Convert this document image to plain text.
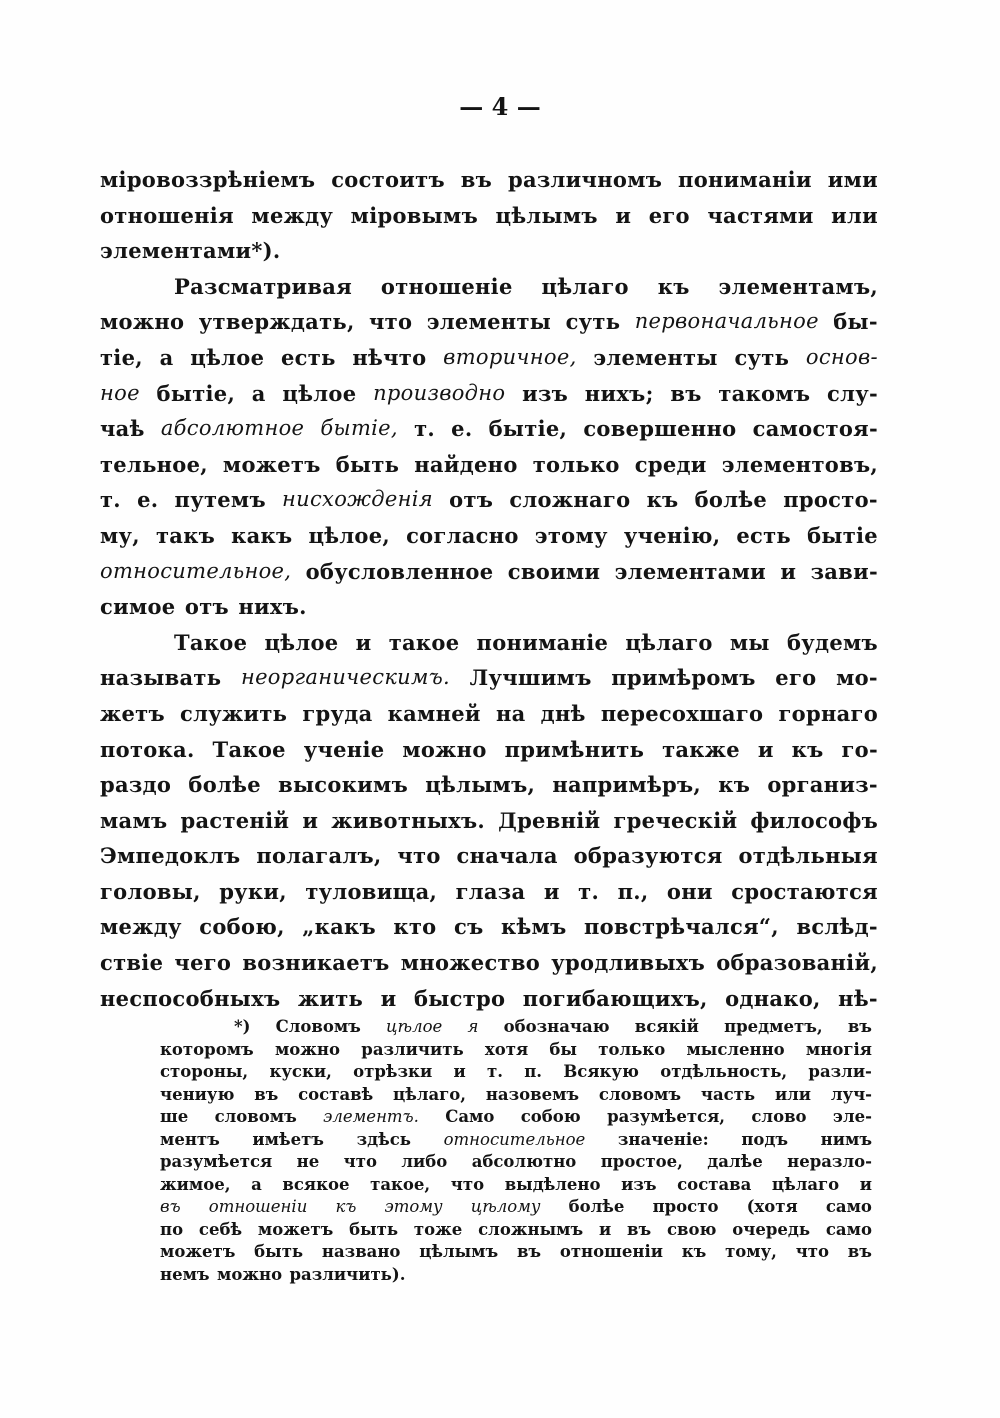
— 4 —
міровоззрѣніемъ состоитъ въ различномъ пониманіи ими
отношенія между міровымъ цѣлымъ и его частями или
элементами*).
Разсматривая отношеніе цѣлаго къ элементамъ,
можно утверждать, что элементы суть первоначальное бы-
тіе, а цѣлое есть нѣчто вторичное, элементы суть основ-
ное бытіе, а цѣлое производно изъ нихъ; въ такомъ слу-
чаѣ абсолютное бытіе, т. е. бытіе, совершенно самостоя-
тельное, можетъ быть найдено только среди элементовъ,
т. е. путемъ нисхожденія отъ сложнаго къ болѣе просто-
му, такъ какъ цѣлое, согласно этому ученію, есть бытіе
относительное, обусловленное своими элементами и зави-
симое отъ нихъ.
Такое цѣлое и такое пониманіе цѣлаго мы будемъ
называть неорганическимъ. Лучшимъ примѣромъ его мо-
жетъ служить груда камней на днѣ пересохшаго горнаго
потока. Такое ученіе можно примѣнить также и къ го-
раздо болѣе высокимъ цѣлымъ, напримѣръ, къ организ-
мамъ растеній и животныхъ. Древній греческій философъ
Эмпедоклъ полагалъ, что сначала образуются отдѣльныя
головы, руки, туловища, глаза и т. п., они сростаются
между собою, „какъ кто съ кѣмъ повстрѣчался“, вслѣд-
ствіе чего возникаетъ множество уродливыхъ образованій,
неспособныхъ жить и быстро погибающихъ, однако, нѣ-
*) Словомъ цѣлое я обозначаю всякій предметъ, въ
которомъ можно различить хотя бы только мысленно многія
стороны, куски, отрѣзки и т. п. Всякую отдѣльность, разли-
чениую въ составѣ цѣлаго, назовемъ словомъ часть или луч-
ше словомъ элементъ. Само собою разумѣется, слово эле-
ментъ имѣетъ здѣсь относительное значеніе: подъ нимъ
разумѣется не что либо абсолютно простое, далѣе неразло-
жимое, а всякое такое, что выдѣлено изъ состава цѣлаго и
въ отношеніи къ этому цѣлому болѣе просто (хотя само
по себѣ можетъ быть тоже сложнымъ и въ свою очередь само
можетъ быть названо цѣлымъ въ отношеніи къ тому, что въ
немъ можно различить).
